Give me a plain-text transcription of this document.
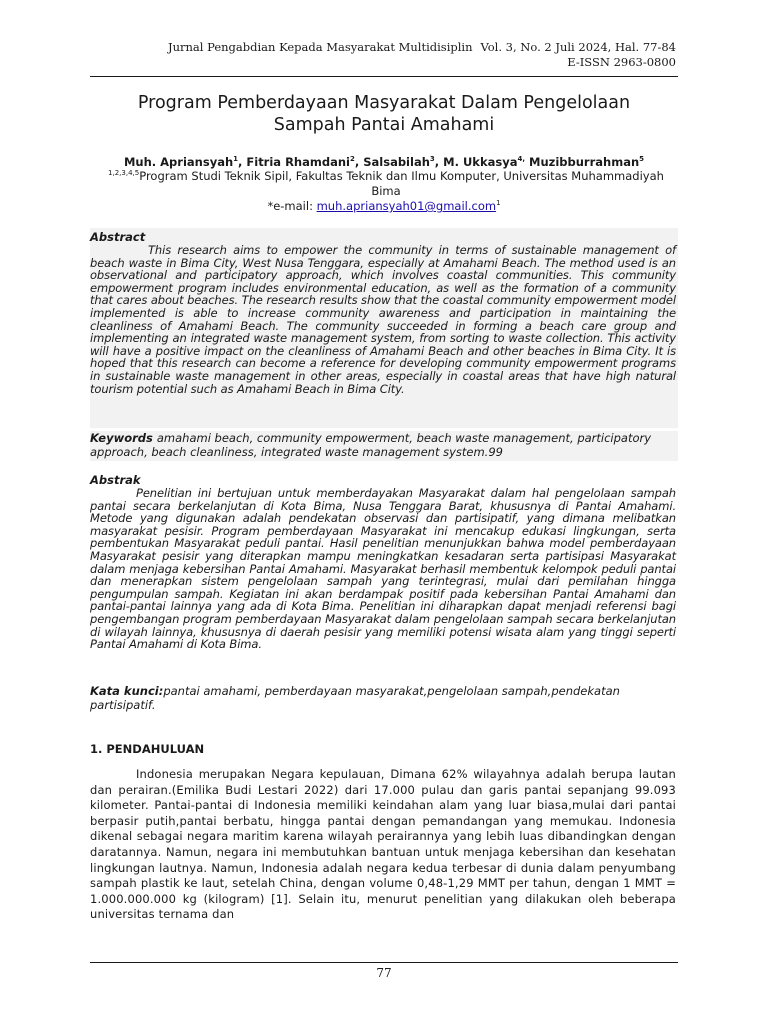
Jurnal Pengabdian Kepada Masyarakat Multidisiplin Vol. 3, No. 2 Juli 2024, Hal. 77-84
E-ISSN 2963-0800
Program Pemberdayaan Masyarakat Dalam Pengelolaan
Sampah Pantai Amahami
Muh. Apriansyah$^1$, Fitria Rhamdani$^2$, Salsabilah$^3$, M. Ukkasya$^{4,}$ Muzibburrahman$^5$
$^{1,2,3,4,5}$Program Studi Teknik Sipil, Fakultas Teknik dan Ilmu Komputer, Universitas Muhammadiyah Bima
*e-mail: muh.apriansyah01@gmail.com$^1$
Abstract
This research aims to empower the community in terms of sustainable management of beach waste in Bima City, West Nusa Tenggara, especially at Amahami Beach. The method used is an observational and participatory approach, which involves coastal communities. This community empowerment program includes environmental education, as well as the formation of a community that cares about beaches. The research results show that the coastal community empowerment model implemented is able to increase community awareness and participation in maintaining the cleanliness of Amahami Beach. The community succeeded in forming a beach care group and implementing an integrated waste management system, from sorting to waste collection. This activity will have a positive impact on the cleanliness of Amahami Beach and other beaches in Bima City. It is hoped that this research can become a reference for developing community empowerment programs in sustainable waste management in other areas, especially in coastal areas that have high natural tourism potential such as Amahami Beach in Bima City.
Keywords amahami beach, community empowerment, beach waste management, participatory approach, beach cleanliness, integrated waste management system.99
Abstrak
Penelitian ini bertujuan untuk memberdayakan Masyarakat dalam hal pengelolaan sampah pantai secara berkelanjutan di Kota Bima, Nusa Tenggara Barat, khususnya di Pantai Amahami. Metode yang digunakan adalah pendekatan observasi dan partisipatif, yang dimana melibatkan masyarakat pesisir. Program pemberdayaan Masyarakat ini mencakup edukasi lingkungan, serta pembentukan Masyarakat peduli pantai. Hasil penelitian menunjukkan bahwa model pemberdayaan Masyarakat pesisir yang diterapkan mampu meningkatkan kesadaran serta partisipasi Masyarakat dalam menjaga kebersihan Pantai Amahami. Masyarakat berhasil membentuk kelompok peduli pantai dan menerapkan sistem pengelolaan sampah yang terintegrasi, mulai dari pemilahan hingga pengumpulan sampah. Kegiatan ini akan berdampak positif pada kebersihan Pantai Amahami dan pantai-pantai lainnya yang ada di Kota Bima. Penelitian ini diharapkan dapat menjadi referensi bagi pengembangan program pemberdayaan Masyarakat dalam pengelolaan sampah secara berkelanjutan di wilayah lainnya, khususnya di daerah pesisir yang memiliki potensi wisata alam yang tinggi seperti Pantai Amahami di Kota Bima.
Kata kunci:pantai amahami, pemberdayaan masyarakat,pengelolaan sampah,pendekatan partisipatif.
1. PENDAHULUAN
Indonesia merupakan Negara kepulauan, Dimana 62% wilayahnya adalah berupa lautan dan perairan.(Emilika Budi Lestari 2022) dari 17.000 pulau dan garis pantai sepanjang 99.093 kilometer. Pantai-pantai di Indonesia memiliki keindahan alam yang luar biasa,mulai dari pantai berpasir putih,pantai berbatu, hingga pantai dengan pemandangan yang memukau. Indonesia dikenal sebagai negara maritim karena wilayah perairannya yang lebih luas dibandingkan dengan daratannya. Namun, negara ini membutuhkan bantuan untuk menjaga kebersihan dan kesehatan lingkungan lautnya. Namun, Indonesia adalah negara kedua terbesar di dunia dalam penyumbang sampah plastik ke laut, setelah China, dengan volume 0,48-1,29 MMT per tahun, dengan 1 MMT = 1.000.000.000 kg (kilogram) [1]. Selain itu, menurut penelitian yang dilakukan oleh beberapa universitas ternama dan
77
